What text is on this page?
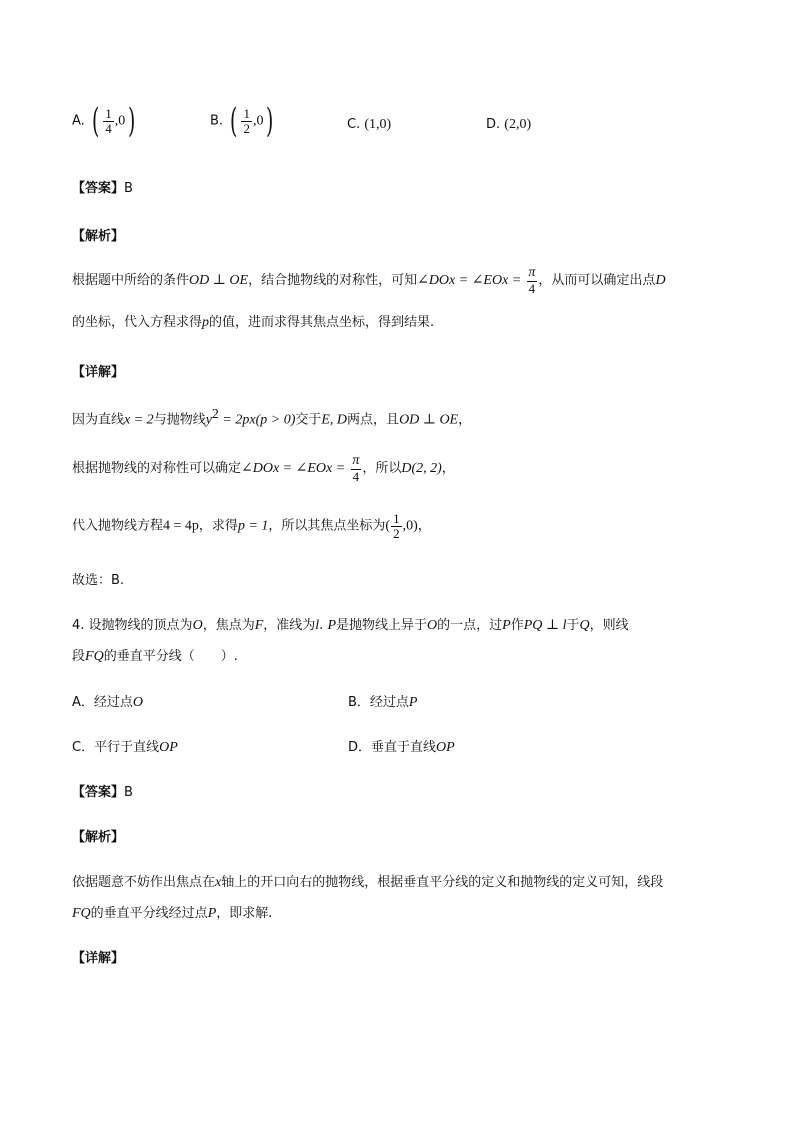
A. ( $\frac{1}{4} ,0$)	B. ( $\frac{1}{2} ,0$)	C. (1,0)	D. (2,0)
【答案】B
【解析】
根据题中所给的条件OD ⊥ OE，结合抛物线的对称性，可知∠DOx = ∠EOx = $\frac{\pi}{4}$ ，从而可以确定出点D
的坐标，代入方程求得p的值，进而求得其焦点坐标，得到结果.
【详解】
因为直线x = 2与抛物线$y^2 = 2px(p > 0)$交于E, D两点，且OD ⊥ OE，
根据抛物线的对称性可以确定∠DOx = ∠EOx = $\frac{\pi}{4}$ ，所以D(2, 2)，
代入抛物线方程4 = 4p，求得p = 1，所以其焦点坐标为( $\frac{1}{2} ,0$)，
故选：B.
4. 设抛物线的顶点为O，焦点为F，准线为l. P是抛物线上异于O的一点，过P作PQ ⊥ l于Q，则线
段FQ的垂直平分线（　　）.
A．经过点O	B．经过点P
C．平行于直线OP	D．垂直于直线OP
【答案】B
【解析】
依据题意不妨作出焦点在x轴上的开口向右的抛物线，根据垂直平分线的定义和抛物线的定义可知，线段
FQ的垂直平分线经过点P，即求解.
【详解】
